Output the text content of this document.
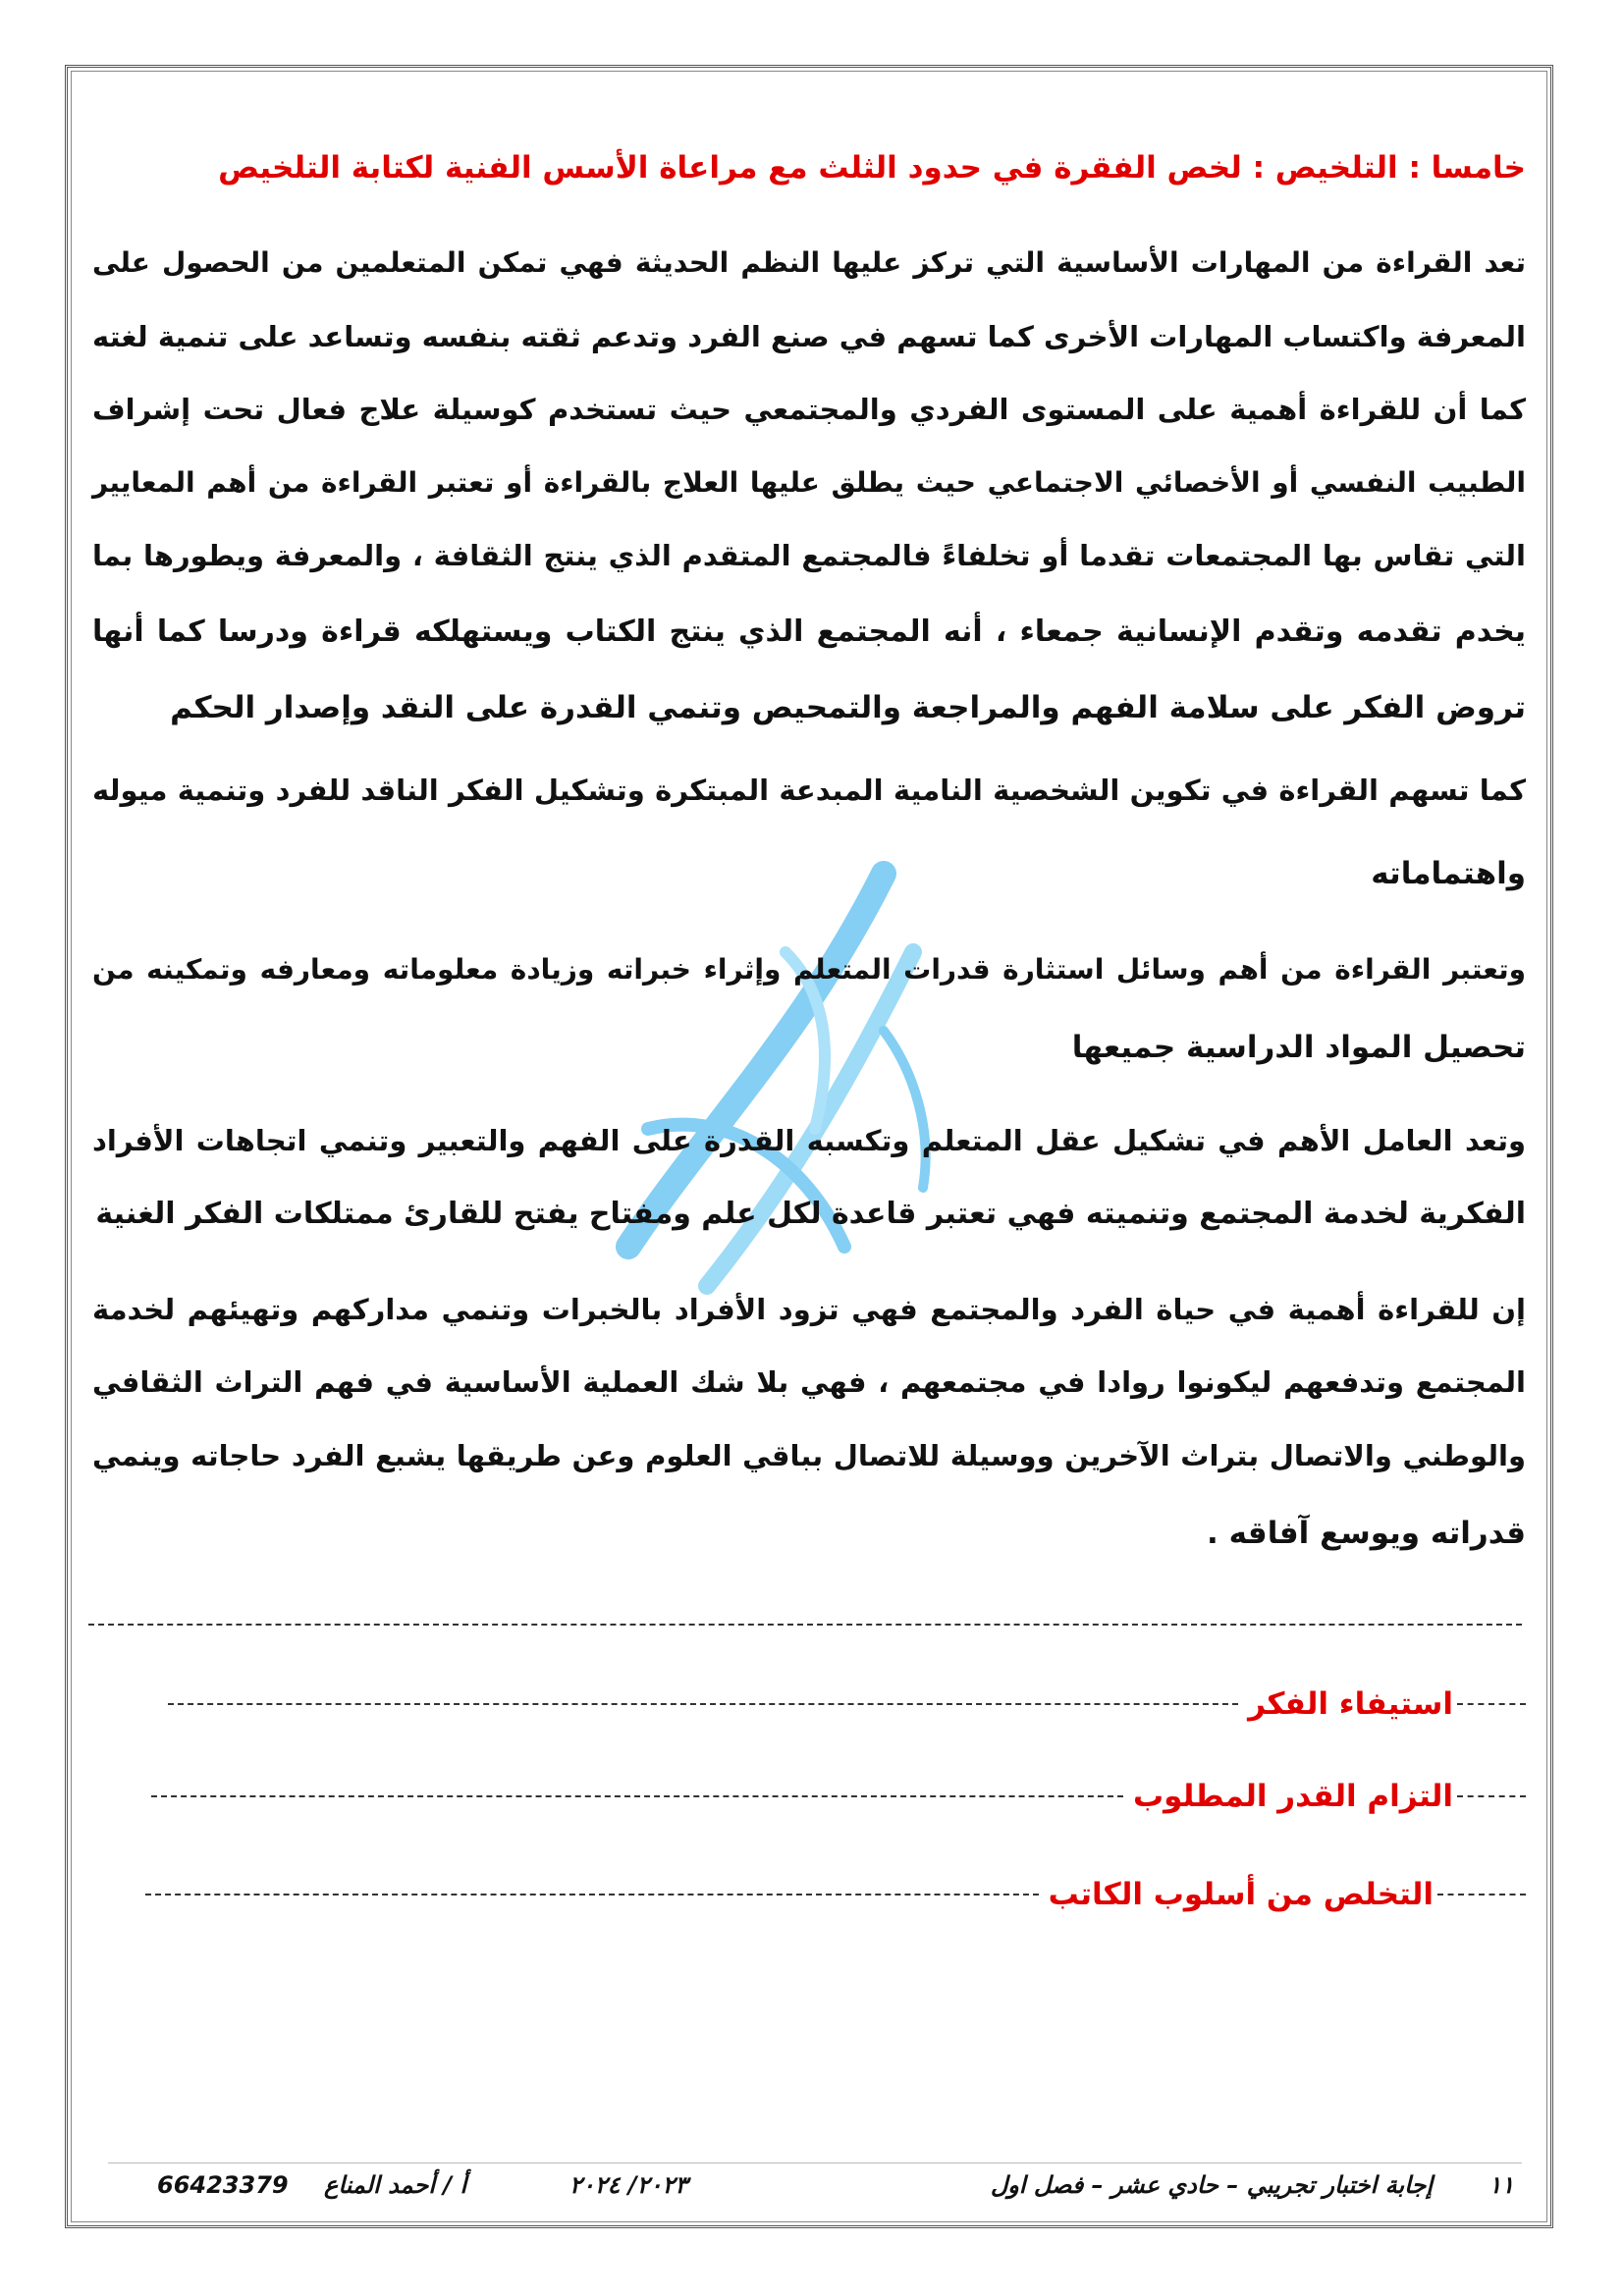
خامسا : التلخيص : لخص الفقرة في حدود الثلث مع مراعاة الأسس الفنية لكتابة التلخيص
تعد القراءة من المهارات الأساسية التي تركز عليها النظم الحديثة فهي تمكن المتعلمين من الحصول على
المعرفة واكتساب المهارات الأخرى كما تسهم في صنع الفرد وتدعم ثقته بنفسه وتساعد على تنمية لغته
كما أن للقراءة أهمية على المستوى الفردي والمجتمعي حيث تستخدم كوسيلة علاج فعال تحت إشراف
الطبيب النفسي أو الأخصائي الاجتماعي حيث يطلق عليها العلاج بالقراءة أو تعتبر القراءة من أهم المعايير
التي تقاس بها المجتمعات تقدما أو تخلفاءً فالمجتمع المتقدم الذي ينتج الثقافة ، والمعرفة ويطورها بما
يخدم تقدمه وتقدم الإنسانية جمعاء ، أنه المجتمع الذي ينتج الكتاب ويستهلكه قراءة ودرسا كما أنها
تروض الفكر على سلامة الفهم والمراجعة والتمحيص وتنمي القدرة على النقد وإصدار الحكم
كما تسهم القراءة في تكوين الشخصية النامية المبدعة المبتكرة وتشكيل الفكر الناقد للفرد وتنمية ميوله
واهتماماته
وتعتبر القراءة من أهم وسائل استثارة قدرات المتعلم وإثراء خبراته وزيادة معلوماته ومعارفه وتمكينه من
تحصيل المواد الدراسية جميعها
وتعد العامل الأهم في تشكيل عقل المتعلم وتكسبه القدرة على الفهم والتعبير وتنمي اتجاهات الأفراد
الفكرية لخدمة المجتمع وتنميته فهي تعتبر قاعدة لكل علم ومفتاح يفتح للقارئ ممتلكات الفكر الغنية
إن للقراءة أهمية في حياة الفرد والمجتمع فهي تزود الأفراد بالخبرات وتنمي مداركهم وتهيئهم لخدمة
المجتمع وتدفعهم ليكونوا روادا في مجتمعهم ، فهي بلا شك العملية الأساسية في فهم التراث الثقافي
والوطني والاتصال بتراث الآخرين ووسيلة للاتصال بباقي العلوم وعن طريقها يشبع الفرد حاجاته وينمي
قدراته ويوسع آفاقه .
استيفاء الفكر
التزام القدر المطلوب
التخلص من أسلوب الكاتب
١١
إجابة اختبار تجريبي – حادي عشر – فصل اول
٢٠٢٣/ ٢٠٢٤
أ / أحمد المناع
66423379
